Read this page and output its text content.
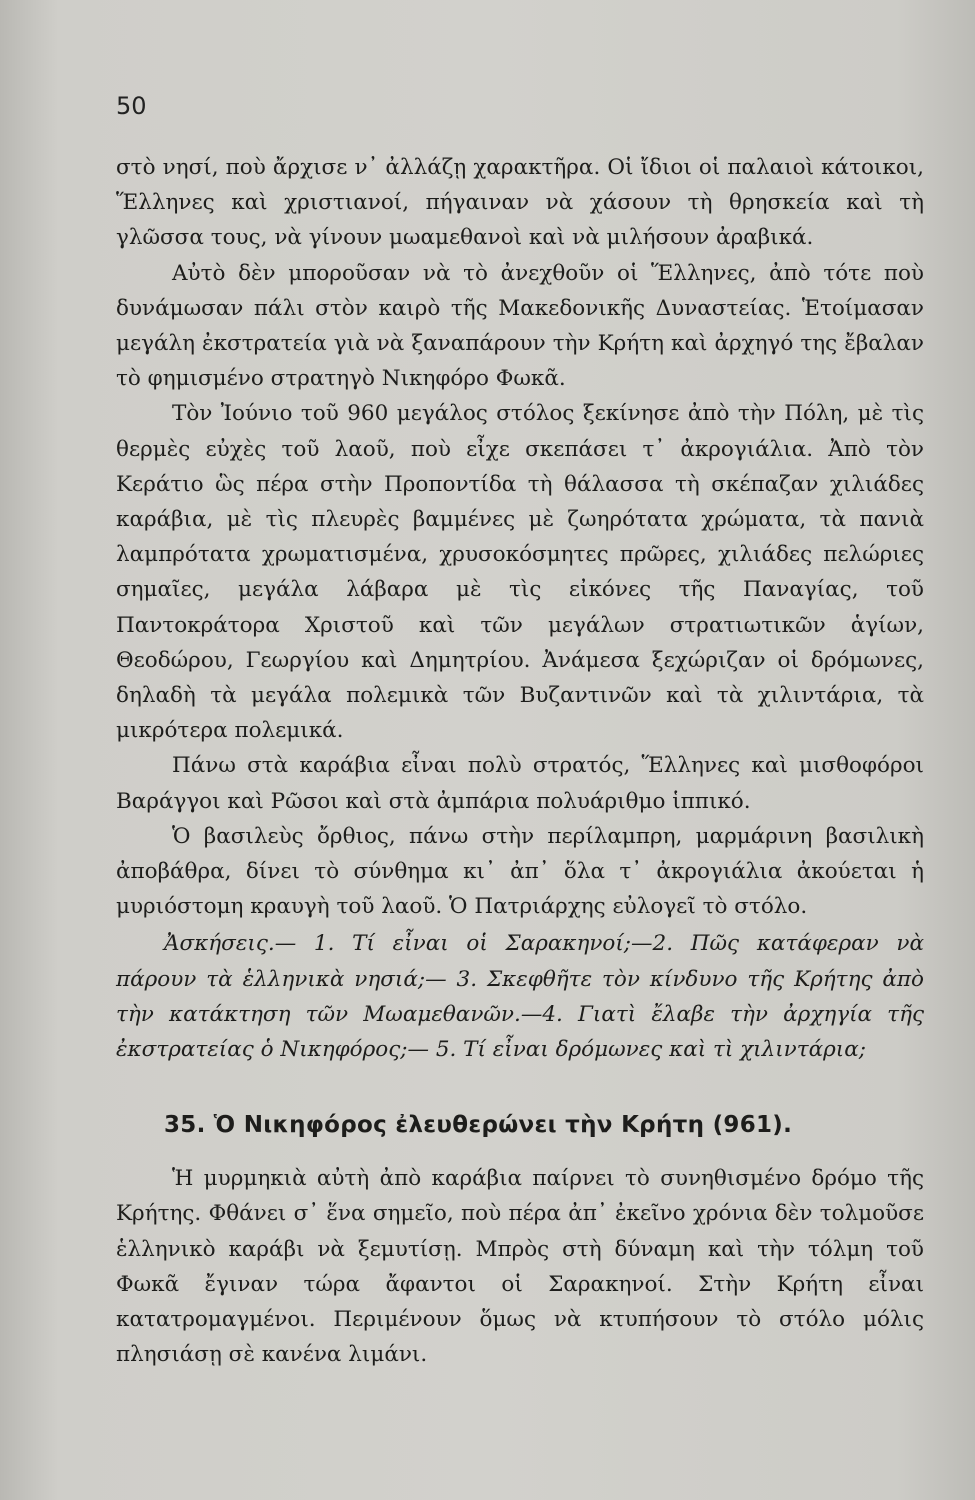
50

στὸ νησί, ποὺ ἄρχισε ν᾿ ἀλλάζῃ χαρακτῆρα. Οἱ ἴδιοι οἱ παλαιοὶ κάτοικοι, Ἕλληνες καὶ χριστιανοί, πήγαιναν νὰ χάσουν τὴ θρησκεία καὶ τὴ γλῶσσα τους, νὰ γίνουν μωαμεθανοὶ καὶ νὰ μιλήσουν ἀραβικά.

Αὐτὸ δὲν μποροῦσαν νὰ τὸ ἀνεχθοῦν οἱ Ἕλληνες, ἀπὸ τότε ποὺ δυνάμωσαν πάλι στὸν καιρὸ τῆς Μακεδονικῆς Δυναστείας. Ἑτοίμασαν μεγάλη ἐκστρατεία γιὰ νὰ ξαναπάρουν τὴν Κρήτη καὶ ἀρχηγό της ἔβαλαν τὸ φημισμένο στρατηγὸ Νικηφόρο Φωκᾶ.

Τὸν Ἰούνιο τοῦ 960 μεγάλος στόλος ξεκίνησε ἀπὸ τὴν Πόλη, μὲ τὶς θερμὲς εὐχὲς τοῦ λαοῦ, ποὺ εἶχε σκεπάσει τ᾿ ἀκρογιάλια. Ἀπὸ τὸν Κεράτιο ὣς πέρα στὴν Προποντίδα τὴ θάλασσα τὴ σκέπαζαν χιλιάδες καράβια, μὲ τὶς πλευρὲς βαμμένες μὲ ζωηρότατα χρώματα, τὰ πανιὰ λαμπρότατα χρωματισμένα, χρυσοκόσμητες πρῶρες, χιλιάδες πελώριες σημαῖες, μεγάλα λάβαρα μὲ τὶς εἰκόνες τῆς Παναγίας, τοῦ Παντοκράτορα Χριστοῦ καὶ τῶν μεγάλων στρατιωτικῶν ἁγίων, Θεοδώρου, Γεωργίου καὶ Δημητρίου. Ἀνάμεσα ξεχώριζαν οἱ δρόμωνες, δηλαδὴ τὰ μεγάλα πολεμικὰ τῶν Βυζαντινῶν καὶ τὰ χιλιντάρια, τὰ μικρότερα πολεμικά.

Πάνω στὰ καράβια εἶναι πολὺ στρατός, Ἕλληνες καὶ μισθοφόροι Βαράγγοι καὶ Ρῶσοι καὶ στὰ ἀμπάρια πολυάριθμο ἱππικό.

Ὁ βασιλεὺς ὄρθιος, πάνω στὴν περίλαμπρη, μαρμάρινη βασιλικὴ ἀποβάθρα, δίνει τὸ σύνθημα κι᾿ ἀπ᾿ ὅλα τ᾿ ἀκρογιάλια ἀκούεται ἡ μυριόστομη κραυγὴ τοῦ λαοῦ. Ὁ Πατριάρχης εὐλογεῖ τὸ στόλο.

Ἀσκήσεις.— 1. Τί εἶναι οἱ Σαρακηνοί;—2. Πῶς κατάφεραν νὰ πάρουν τὰ ἑλληνικὰ νησιά;— 3. Σκεφθῆτε τὸν κίνδυνο τῆς Κρήτης ἀπὸ τὴν κατάκτηση τῶν Μωαμεθανῶν.—4. Γιατὶ ἔλαβε τὴν ἀρχηγία τῆς ἐκστρατείας ὁ Νικηφόρος;— 5. Τί εἶναι δρόμωνες καὶ τὶ χιλιντάρια;

35. Ὁ Νικηφόρος ἐλευθερώνει τὴν Κρήτη (961).

Ἡ μυρμηκιὰ αὐτὴ ἀπὸ καράβια παίρνει τὸ συνηθισμένο δρόμο τῆς Κρήτης. Φθάνει σ᾿ ἕνα σημεῖο, ποὺ πέρα ἀπ᾿ ἐκεῖνο χρόνια δὲν τολμοῦσε ἑλληνικὸ καράβι νὰ ξεμυτίσῃ. Μπρὸς στὴ δύναμη καὶ τὴν τόλμη τοῦ Φωκᾶ ἔγιναν τώρα ἄφαντοι οἱ Σαρακηνοί. Στὴν Κρήτη εἶναι κατατρομαγμένοι. Περιμένουν ὅμως νὰ κτυπήσουν τὸ στόλο μόλις πλησιάσῃ σὲ κανένα λιμάνι.
